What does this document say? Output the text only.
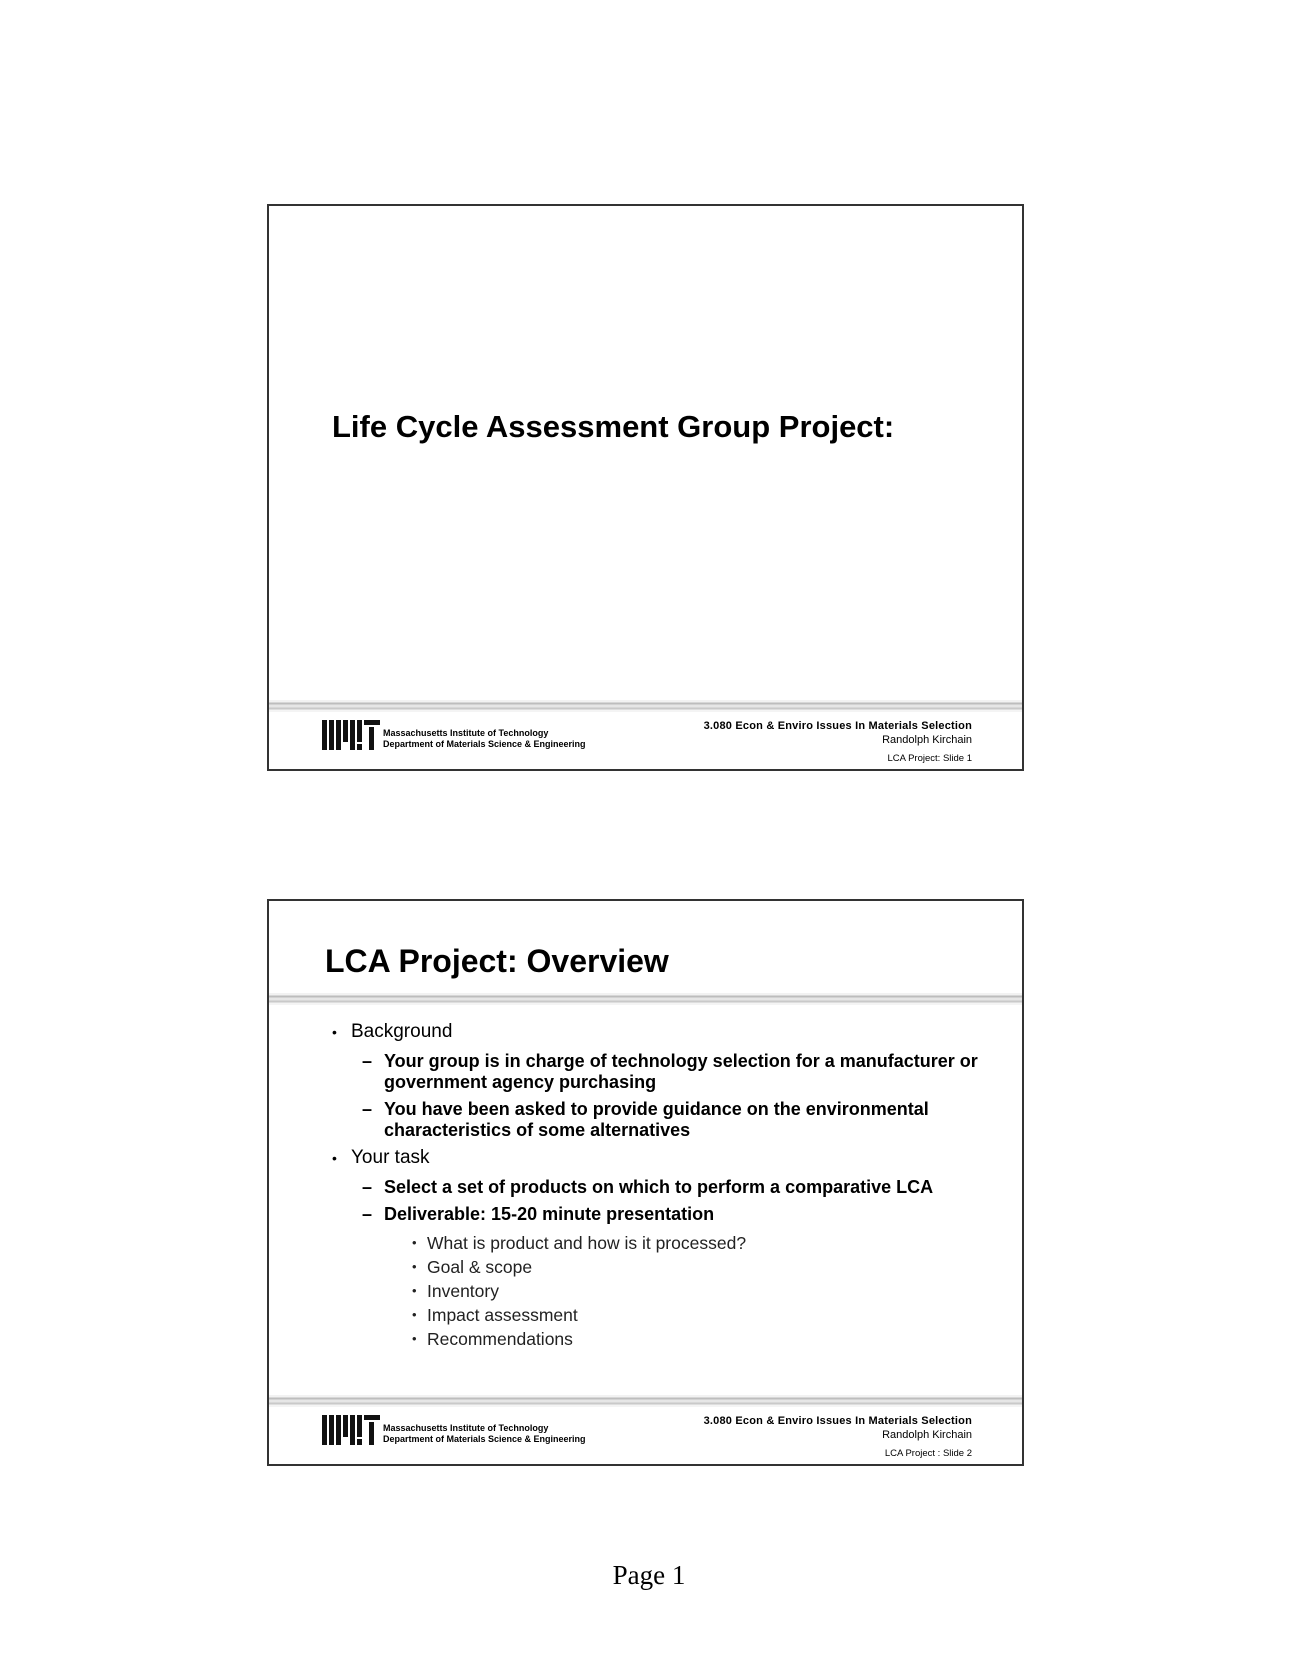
Life Cycle Assessment Group Project:
Massachusetts Institute of Technology
Department of Materials Science & Engineering
3.080 Econ & Enviro Issues In Materials Selection
Randolph Kirchain
LCA Project: Slide 1
LCA Project: Overview
• Background
– Your group is in charge of technology selection for a manufacturer or government agency purchasing
– You have been asked to provide guidance on the environmental characteristics of some alternatives
• Your task
– Select a set of products on which to perform a comparative LCA
– Deliverable: 15-20 minute presentation
• What is product and how is it processed?
• Goal & scope
• Inventory
• Impact assessment
• Recommendations
Massachusetts Institute of Technology
Department of Materials Science & Engineering
3.080 Econ & Enviro Issues In Materials Selection
Randolph Kirchain
LCA Project : Slide 2
Page 1
